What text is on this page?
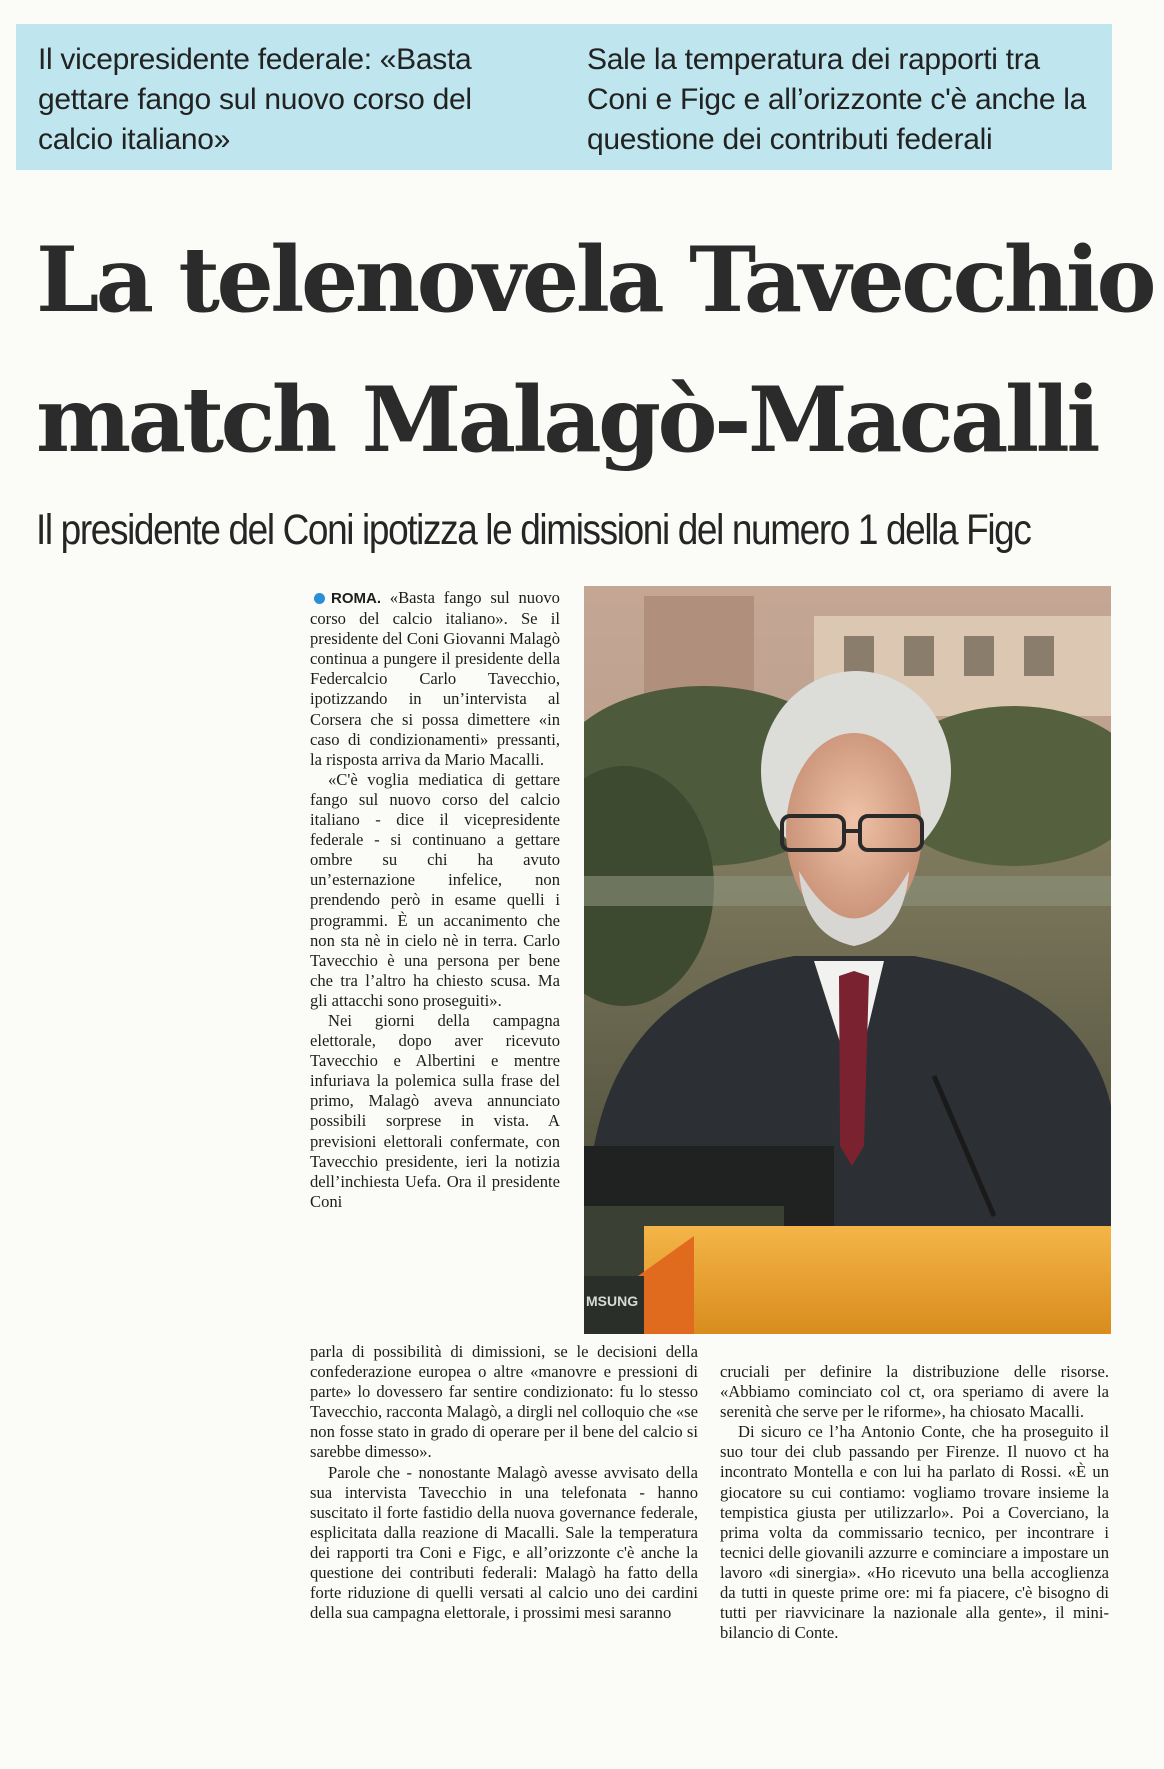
Il vicepresidente federale: «Basta gettare fango sul nuovo corso del calcio italiano»
Sale la temperatura dei rapporti tra Coni e Figc e all’orizzonte c'è anche la questione dei contributi federali
La telenovela Tavecchio
match Malagò-Macalli
Il presidente del Coni ipotizza le dimissioni del numero 1 della Figc

ROMA. «Basta fango sul nuovo corso del calcio italiano». Se il presidente del Coni Giovanni Malagò continua a pungere il presidente della Federcalcio Carlo Tavecchio, ipotizzando in un’intervista al Corsera che si possa dimettere «in caso di condizionamenti» pressanti, la risposta arriva da Mario Macalli.

«C'è voglia mediatica di gettare fango sul nuovo corso del calcio italiano - dice il vicepresidente federale - si continuano a gettare ombre su chi ha avuto un’esternazione infelice, non prendendo però in esame quelli i programmi. È un accanimento che non sta nè in cielo nè in terra. Carlo Tavecchio è una persona per bene che tra l’altro ha chiesto scusa. Ma gli attacchi sono proseguiti».

Nei giorni della campagna elettorale, dopo aver ricevuto Tavecchio e Albertini e mentre infuriava la polemica sulla frase del primo, Malagò aveva annunciato possibili sorprese in vista. A previsioni elettorali confermate, con Tavecchio presidente, ieri la notizia dell’inchiesta Uefa. Ora il presidente Coni

MSUNG

parla di possibilità di dimissioni, se le decisioni della confederazione europea o altre «manovre e pressioni di parte» lo dovessero far sentire condizionato: fu lo stesso Tavecchio, racconta Malagò, a dirgli nel colloquio che «se non fosse stato in grado di operare per il bene del calcio si sarebbe dimesso».

Parole che - nonostante Malagò avesse avvisato della sua intervista Tavecchio in una telefonata - hanno suscitato il forte fastidio della nuova governance federale, esplicitata dalla reazione di Macalli. Sale la temperatura dei rapporti tra Coni e Figc, e all’orizzonte c'è anche la questione dei contributi federali: Malagò ha fatto della forte riduzione di quelli versati al calcio uno dei cardini della sua campagna elettorale, i prossimi mesi saranno

cruciali per definire la distribuzione delle risorse. «Abbiamo cominciato col ct, ora speriamo di avere la serenità che serve per le riforme», ha chiosato Macalli.

Di sicuro ce l’ha Antonio Conte, che ha proseguito il suo tour dei club passando per Firenze. Il nuovo ct ha incontrato Montella e con lui ha parlato di Rossi. «È un giocatore su cui contiamo: vogliamo trovare insieme la tempistica giusta per utilizzarlo». Poi a Coverciano, la prima volta da commissario tecnico, per incontrare i tecnici delle giovanili azzurre e cominciare a impostare un lavoro «di sinergia». «Ho ricevuto una bella accoglienza da tutti in queste prime ore: mi fa piacere, c'è bisogno di tutti per riavvicinare la nazionale alla gente», il mini-bilancio di Conte.
